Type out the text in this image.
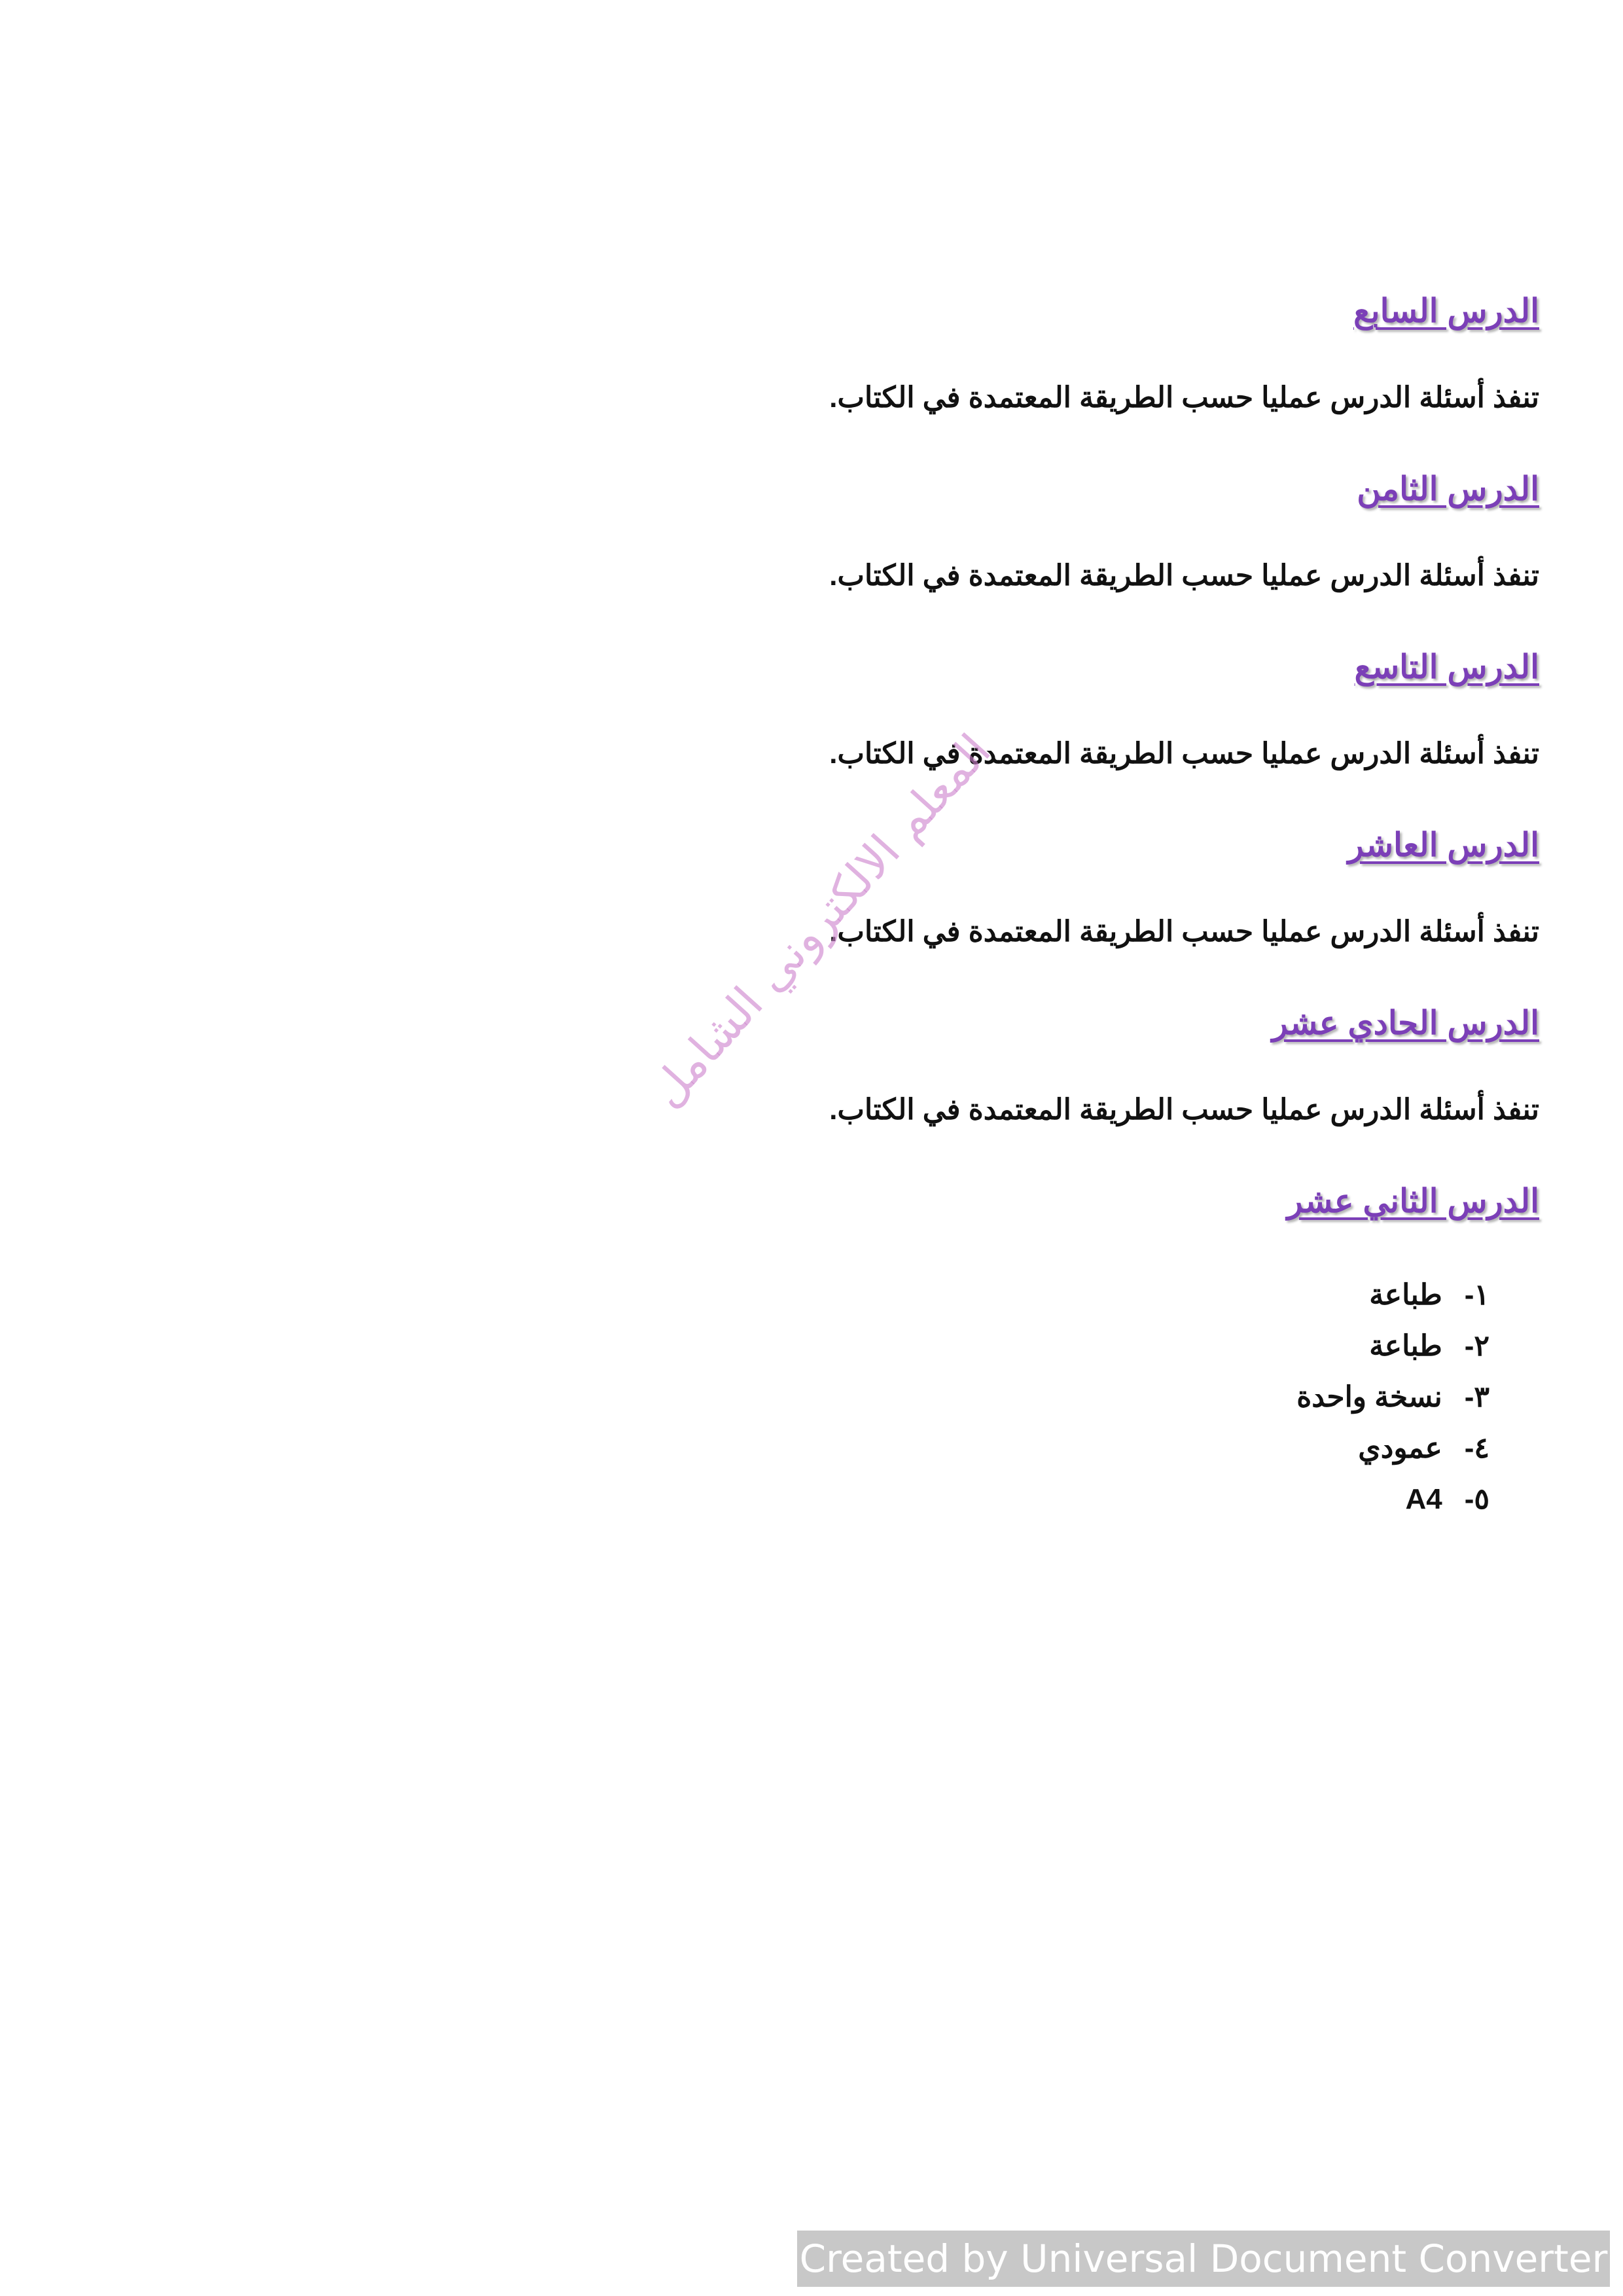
الدرس السابع

تنفذ أسئلة الدرس عمليا حسب الطريقة المعتمدة في الكتاب.

الدرس الثامن

تنفذ أسئلة الدرس عمليا حسب الطريقة المعتمدة في الكتاب.

الدرس التاسع

تنفذ أسئلة الدرس عمليا حسب الطريقة المعتمدة في الكتاب.

الدرس العاشر

تنفذ أسئلة الدرس عمليا حسب الطريقة المعتمدة في الكتاب.

الدرس الحادي عشر

تنفذ أسئلة الدرس عمليا حسب الطريقة المعتمدة في الكتاب.

الدرس الثاني عشر
١- طباعة
٢- طباعة
٣- نسخة واحدة
٤- عمودي
٥- A4
المعلم الالكتروني الشامل
Created by Universal Document Converter
